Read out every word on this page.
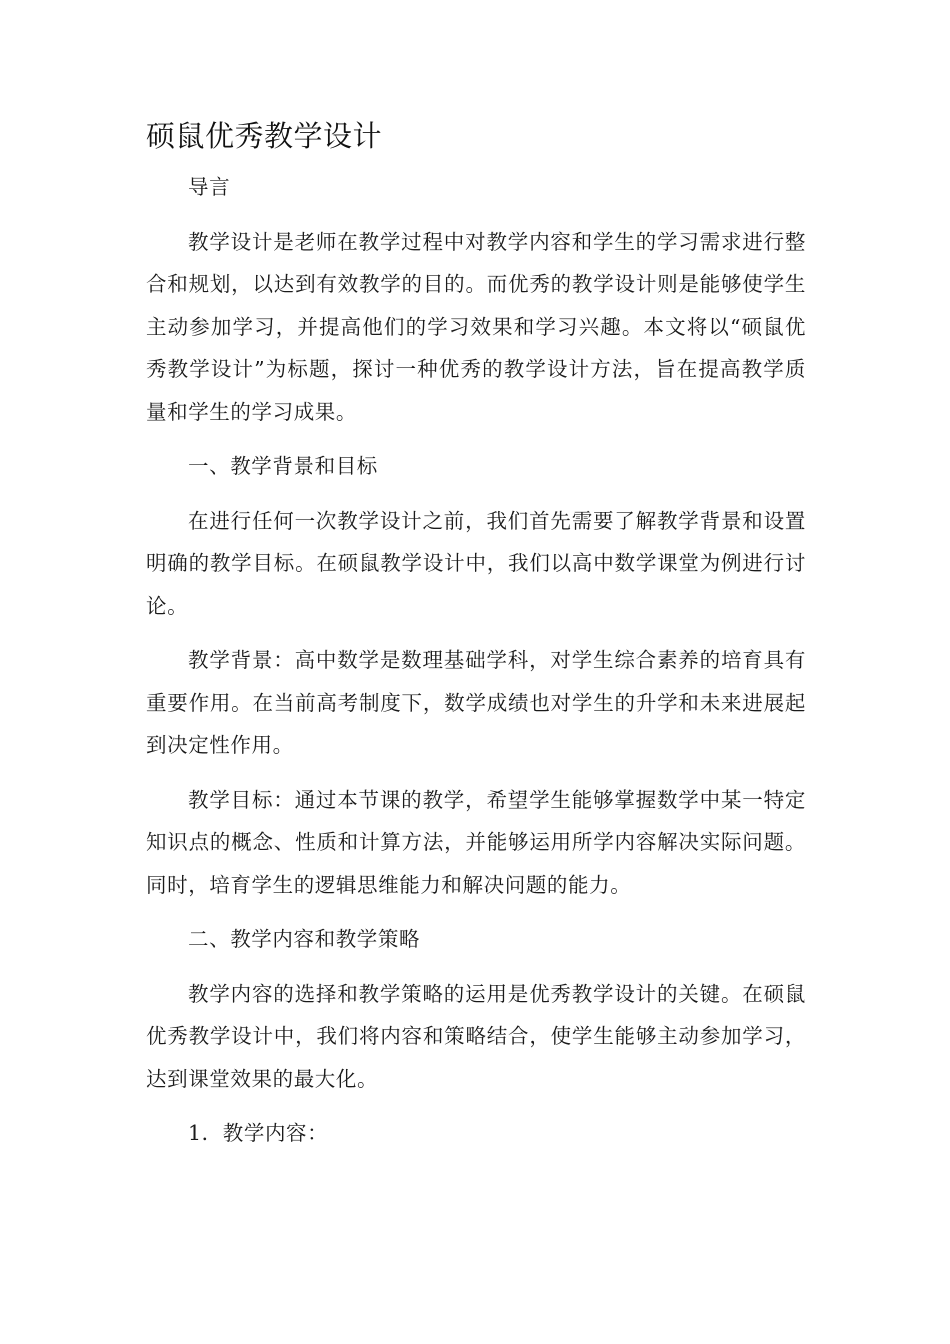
硕鼠优秀教学设计

导言

教学设计是老师在教学过程中对教学内容和学生的学习需求进行整合和规划，以达到有效教学的目的。而优秀的教学设计则是能够使学生主动参加学习，并提高他们的学习效果和学习兴趣。本文将以“硕鼠优秀教学设计”为标题，探讨一种优秀的教学设计方法，旨在提高教学质量和学生的学习成果。

一、教学背景和目标

在进行任何一次教学设计之前，我们首先需要了解教学背景和设置明确的教学目标。在硕鼠教学设计中，我们以高中数学课堂为例进行讨论。

教学背景：高中数学是数理基础学科，对学生综合素养的培育具有重要作用。在当前高考制度下，数学成绩也对学生的升学和未来进展起到决定性作用。

教学目标：通过本节课的教学，希望学生能够掌握数学中某一特定知识点的概念、性质和计算方法，并能够运用所学内容解决实际问题。同时，培育学生的逻辑思维能力和解决问题的能力。

二、教学内容和教学策略

教学内容的选择和教学策略的运用是优秀教学设计的关键。在硕鼠优秀教学设计中，我们将内容和策略结合，使学生能够主动参加学习，达到课堂效果的最大化。

1．教学内容：
